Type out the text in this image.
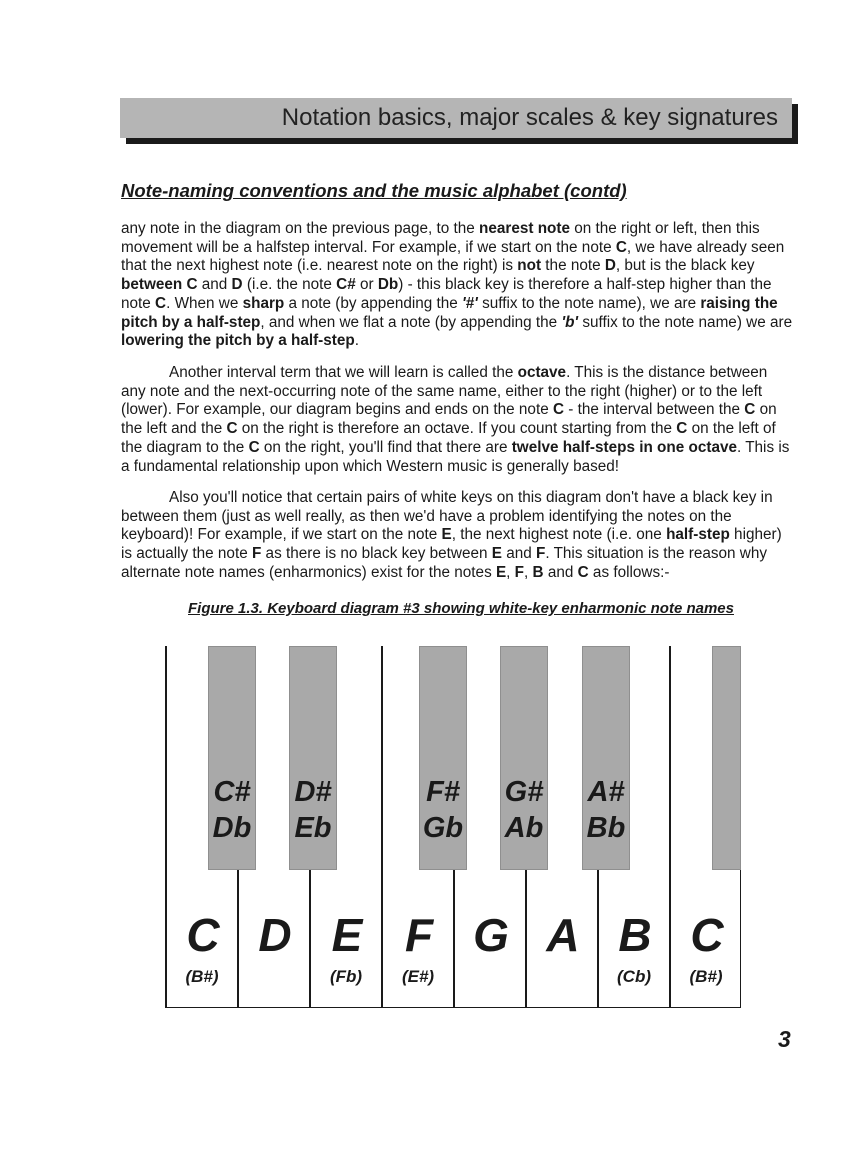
Notation basics, major scales & key signatures
Note-naming conventions and the music alphabet (contd)
any note in the diagram on the previous page, to the nearest note on the right or left, then this movement will be a halfstep interval. For example, if we start on the note C, we have already seen that the next highest note (i.e. nearest note on the right) is not the note D, but is the black key between C and D (i.e. the note C# or Db) - this black key is therefore a half-step higher than the note C. When we sharp a note (by appending the '#' suffix to the note name), we are raising the pitch by a half-step, and when we flat a note (by appending the 'b' suffix to the note name) we are lowering the pitch by a half-step.
Another interval term that we will learn is called the octave. This is the distance between any note and the next-occurring note of the same name, either to the right (higher) or to the left (lower). For example, our diagram begins and ends on the note C - the interval between the C on the left and the C on the right is therefore an octave. If you count starting from the C on the left of the diagram to the C on the right, you'll find that there are twelve half-steps in one octave. This is a fundamental relationship upon which Western music is generally based!
Also you'll notice that certain pairs of white keys on this diagram don't have a black key in between them (just as well really, as then we'd have a problem identifying the notes on the keyboard)! For example, if we start on the note E, the next highest note (i.e. one half-step higher) is actually the note F as there is no black key between E and F. This situation is the reason why alternate note names (enharmonics) exist for the notes E, F, B and C as follows:-
Figure 1.3. Keyboard diagram #3 showing white-key enharmonic note names
C#
Db
D#
Eb
F#
Gb
G#
Ab
A#
Bb
C
(B#)
D E
(Fb)
F
(E#)
G A B
(Cb)
C
(B#)
3
